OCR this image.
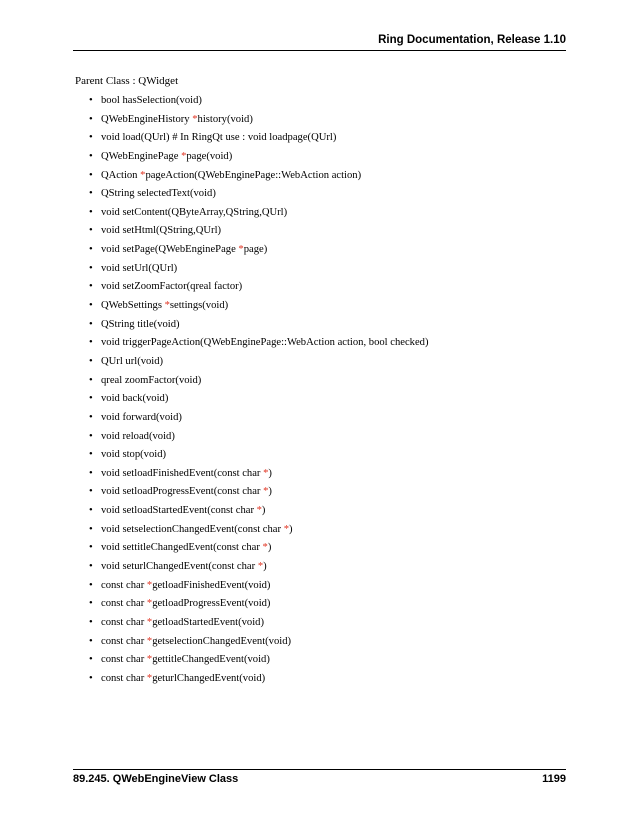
Ring Documentation, Release 1.10
Parent Class : QWidget
• bool hasSelection(void)
• QWebEngineHistory *history(void)
• void load(QUrl) # In RingQt use : void loadpage(QUrl)
• QWebEnginePage *page(void)
• QAction *pageAction(QWebEnginePage::WebAction action)
• QString selectedText(void)
• void setContent(QByteArray,QString,QUrl)
• void setHtml(QString,QUrl)
• void setPage(QWebEnginePage *page)
• void setUrl(QUrl)
• void setZoomFactor(qreal factor)
• QWebSettings *settings(void)
• QString title(void)
• void triggerPageAction(QWebEnginePage::WebAction action, bool checked)
• QUrl url(void)
• qreal zoomFactor(void)
• void back(void)
• void forward(void)
• void reload(void)
• void stop(void)
• void setloadFinishedEvent(const char *)
• void setloadProgressEvent(const char *)
• void setloadStartedEvent(const char *)
• void setselectionChangedEvent(const char *)
• void settitleChangedEvent(const char *)
• void seturlChangedEvent(const char *)
• const char *getloadFinishedEvent(void)
• const char *getloadProgressEvent(void)
• const char *getloadStartedEvent(void)
• const char *getselectionChangedEvent(void)
• const char *gettitleChangedEvent(void)
• const char *geturlChangedEvent(void)
89.245. QWebEngineView Class	1199
